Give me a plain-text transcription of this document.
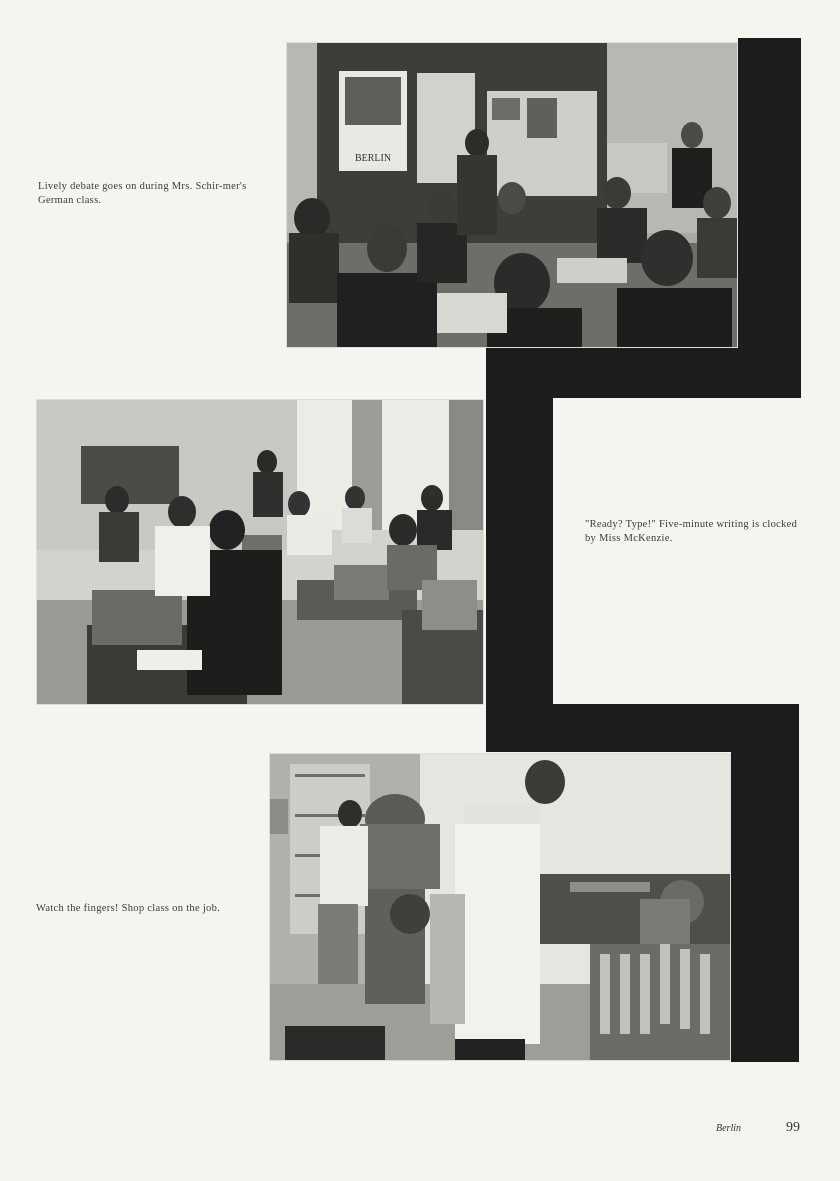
BERLIN
Lively debate goes on during Mrs. Schir-mer's German class.
"Ready? Type!" Five-minute writing is clocked by Miss McKenzie.
Watch the fingers! Shop class on the job.
Berlin	99
